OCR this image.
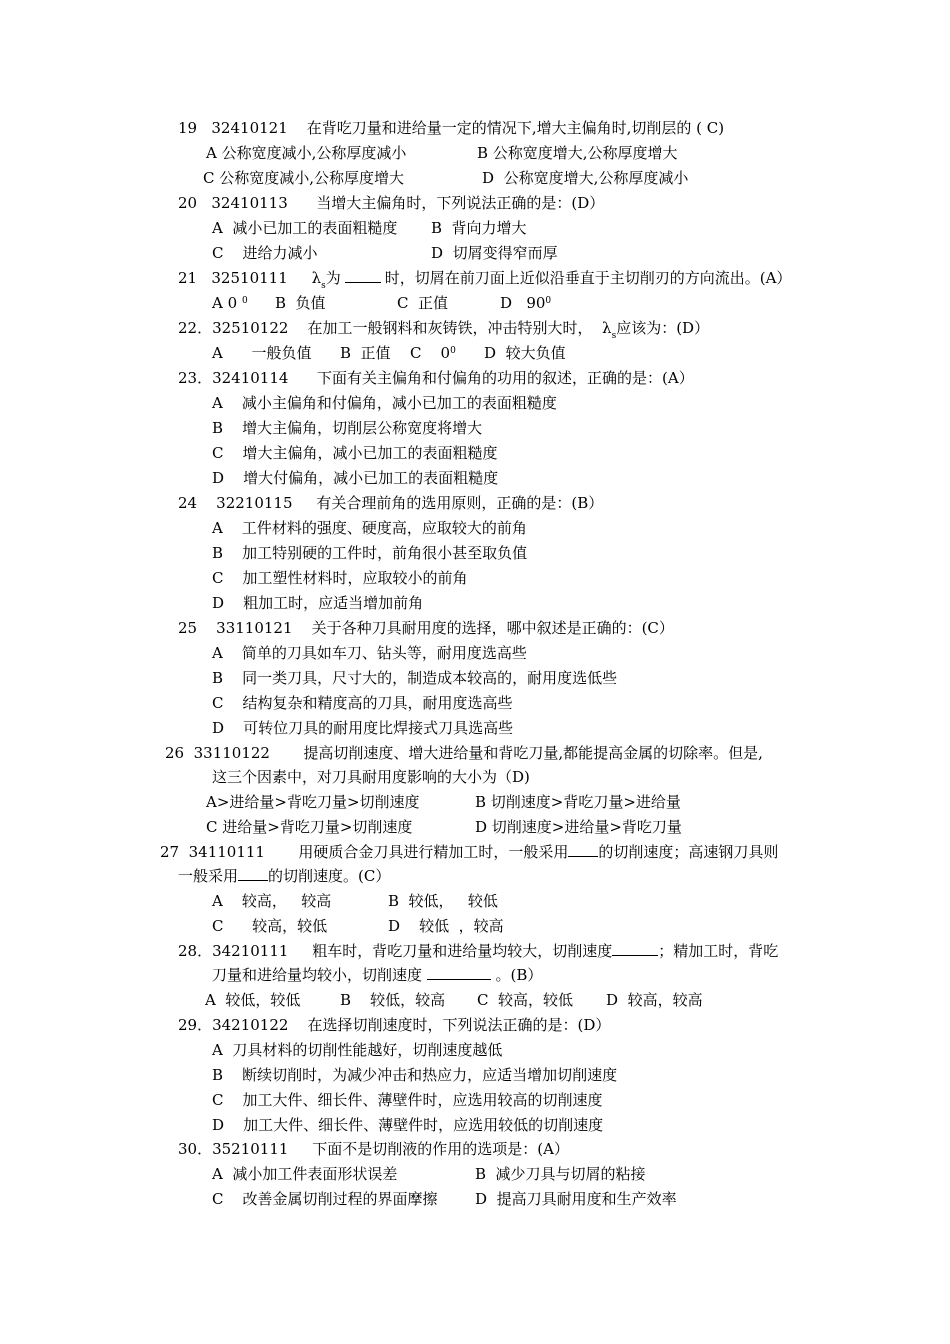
19   32410121    在背吃刀量和进给量一定的情况下,增大主偏角时,切削层的 ( C)
A 公称宽度减小,公称厚度减小	B 公称宽度增大,公称厚度增大
C 公称宽度减小,公称厚度增大	D  公称宽度增大,公称厚度减小
20   32410113      当增大主偏角时，下列说法正确的是：(D）
A  减小已加工的表面粗糙度 B  背向力增大
C    进给力减小	D  切屑变得窄而厚
21   32510111     $\lambda_s$为	时，切屑在前刀面上近似沿垂直于主切削刃的方向流出。(A）
A 0 $^0$ B  负值	C  正值	D   $90^0$
22．32510122    在加工一般钢料和灰铸铁，冲击特别大时，  $\lambda_s$应该为：(D）
A      一般负值 B  正值 C    $0^0$ D  较大负值
23．32410114      下面有关主偏角和付偏角的功用的叙述，正确的是：(A）
A    减小主偏角和付偏角，减小已加工的表面粗糙度
B    增大主偏角，切削层公称宽度将增大
C    增大主偏角，减小已加工的表面粗糙度
D    增大付偏角，减小已加工的表面粗糙度
24    32210115     有关合理前角的选用原则，正确的是：(B）
A    工件材料的强度、硬度高，应取较大的前角
B    加工特别硬的工件时，前角很小甚至取负值
C    加工塑性材料时，应取较小的前角
D    粗加工时，应适当增加前角
25    33110121    关于各种刀具耐用度的选择，哪中叙述是正确的：(C）
A    简单的刀具如车刀、钻头等，耐用度选高些
B    同一类刀具，尺寸大的，制造成本较高的，耐用度选低些
C    结构复杂和精度高的刀具，耐用度选高些
D    可转位刀具的耐用度比焊接式刀具选高些
26  33110122       提高切削速度、增大进给量和背吃刀量,都能提高金属的切除率。但是,
这三个因素中，对刀具耐用度影响的大小为（D)
A>进给量>背吃刀量>切削速度	B 切削速度>背吃刀量>进给量
C 进给量>背吃刀量>切削速度	D 切削速度>进给量>背吃刀量
27  34110111       用硬质合金刀具进行精加工时，一般采用 的切削速度；高速钢刀具则
一般采用 的切削速度。(C）
A    较高，   较高	B  较低，   较低
C      较高，较低	D    较低  ，较高
28．34210111     粗车时，背吃刀量和进给量均较大，切削速度	；精加工时，背吃
刀量和进给量均较小，切削速度	。(B）
A  较低，较低	B    较低，较高 C  较高，较低 D  较高，较高
29．34210122    在选择切削速度时，下列说法正确的是：(D）
A  刀具材料的切削性能越好，切削速度越低
B    断续切削时，为减少冲击和热应力，应适当增加切削速度
C    加工大件、细长件、薄壁件时，应选用较高的切削速度
D    加工大件、细长件、薄壁件时，应选用较低的切削速度
30．35210111     下面不是切削液的作用的选项是：(A）
A  减小加工件表面形状误差	B  减少刀具与切屑的粘接
C    改善金属切削过程的界面摩擦 D  提高刀具耐用度和生产效率
